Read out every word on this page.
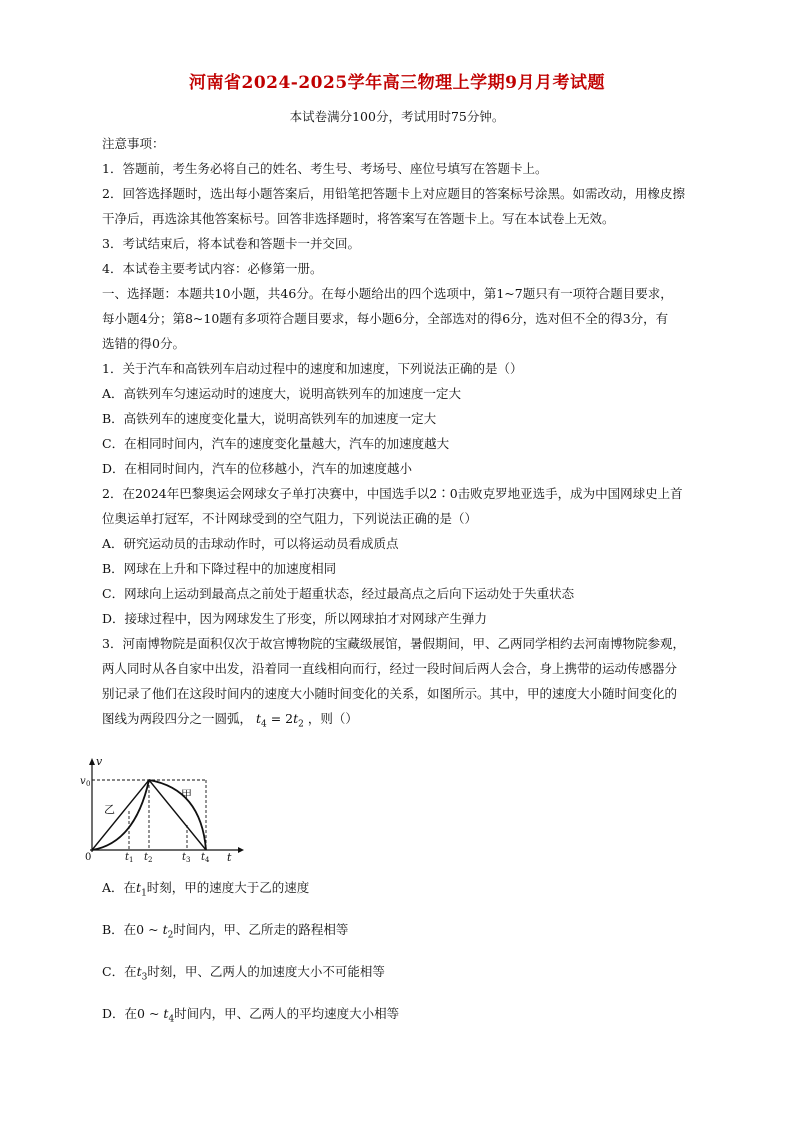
河南省2024-2025学年高三物理上学期9月月考试题
本试卷满分100分，考试用时75分钟。

注意事项：

1．答题前，考生务必将自己的姓名、考生号、考场号、座位号填写在答题卡上。

2．回答选择题时，选出每小题答案后，用铅笔把答题卡上对应题目的答案标号涂黑。如需改动，用橡皮擦

干净后，再选涂其他答案标号。回答非选择题时，将答案写在答题卡上。写在本试卷上无效。

3．考试结束后，将本试卷和答题卡一并交回。

4．本试卷主要考试内容：必修第一册。

一、选择题：本题共10小题，共46分。在每小题给出的四个选项中，第1~7题只有一项符合题目要求，

每小题4分；第8~10题有多项符合题目要求，每小题6分，全部选对的得6分，选对但不全的得3分，有

选错的得0分。

1．关于汽车和高铁列车启动过程中的速度和加速度，下列说法正确的是（）

A．高铁列车匀速运动时的速度大，说明高铁列车的加速度一定大

B．高铁列车的速度变化量大，说明高铁列车的加速度一定大

C．在相同时间内，汽车的速度变化量越大，汽车的加速度越大

D．在相同时间内，汽车的位移越小，汽车的加速度越小

2．在2024年巴黎奥运会网球女子单打决赛中，中国选手以2∶0击败克罗地亚选手，成为中国网球史上首

位奥运单打冠军，不计网球受到的空气阻力，下列说法正确的是（）

A．研究运动员的击球动作时，可以将运动员看成质点

B．网球在上升和下降过程中的加速度相同

C．网球向上运动到最高点之前处于超重状态，经过最高点之后向下运动处于失重状态

D．接球过程中，因为网球发生了形变，所以网球拍才对网球产生弹力

3．河南博物院是面积仅次于故宫博物院的宝藏级展馆，暑假期间，甲、乙两同学相约去河南博物院参观，

两人同时从各自家中出发，沿着同一直线相向而行，经过一段时间后两人会合，身上携带的运动传感器分

别记录了他们在这段时间内的速度大小随时间变化的关系，如图所示。其中，甲的速度大小随时间变化的

图线为两段四分之一圆弧， $t_4 = 2t_2$ ，则（）

v
t
v 0
0
甲
乙
t 1 t 2	t 3 t 4
A．在$t_1$时刻，甲的速度大于乙的速度
B．在0 ~ $t_2$时间内，甲、乙所走的路程相等
C．在$t_3$时刻，甲、乙两人的加速度大小不可能相等
D．在0 ~ $t_4$时间内，甲、乙两人的平均速度大小相等
